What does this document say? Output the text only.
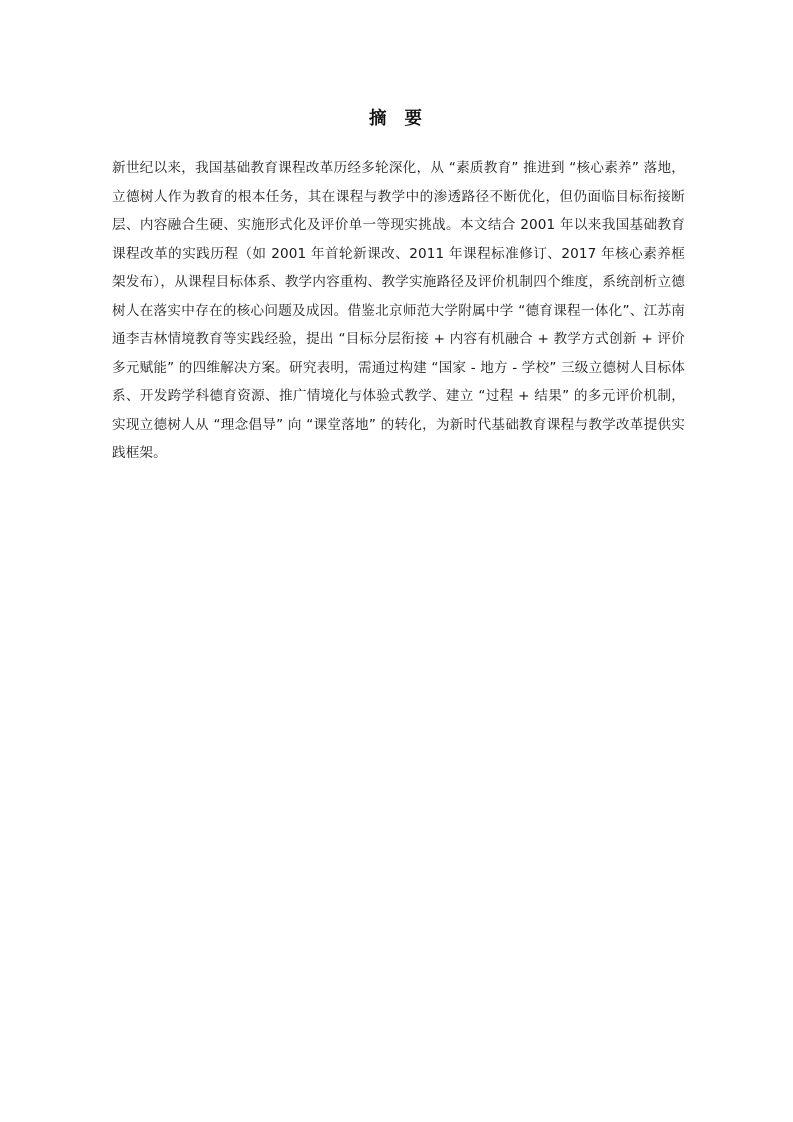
摘 要

新世纪以来，我国基础教育课程改革历经多轮深化，从 “素质教育” 推进到 “核心素养” 落地，立德树人作为教育的根本任务，其在课程与教学中的渗透路径不断优化，但仍面临目标衔接断层、内容融合生硬、实施形式化及评价单一等现实挑战。本文结合 2001 年以来我国基础教育课程改革的实践历程（如 2001 年首轮新课改、2011 年课程标准修订、2017 年核心素养框架发布），从课程目标体系、教学内容重构、教学实施路径及评价机制四个维度，系统剖析立德树人在落实中存在的核心问题及成因。借鉴北京师范大学附属中学 “德育课程一体化”、江苏南通李吉林情境教育等实践经验，提出 “目标分层衔接 + 内容有机融合 + 教学方式创新 + 评价多元赋能” 的四维解决方案。研究表明，需通过构建 “国家 - 地方 - 学校” 三级立德树人目标体系、开发跨学科德育资源、推广情境化与体验式教学、建立 “过程 + 结果” 的多元评价机制，实现立德树人从 “理念倡导” 向 “课堂落地” 的转化，为新时代基础教育课程与教学改革提供实践框架。
